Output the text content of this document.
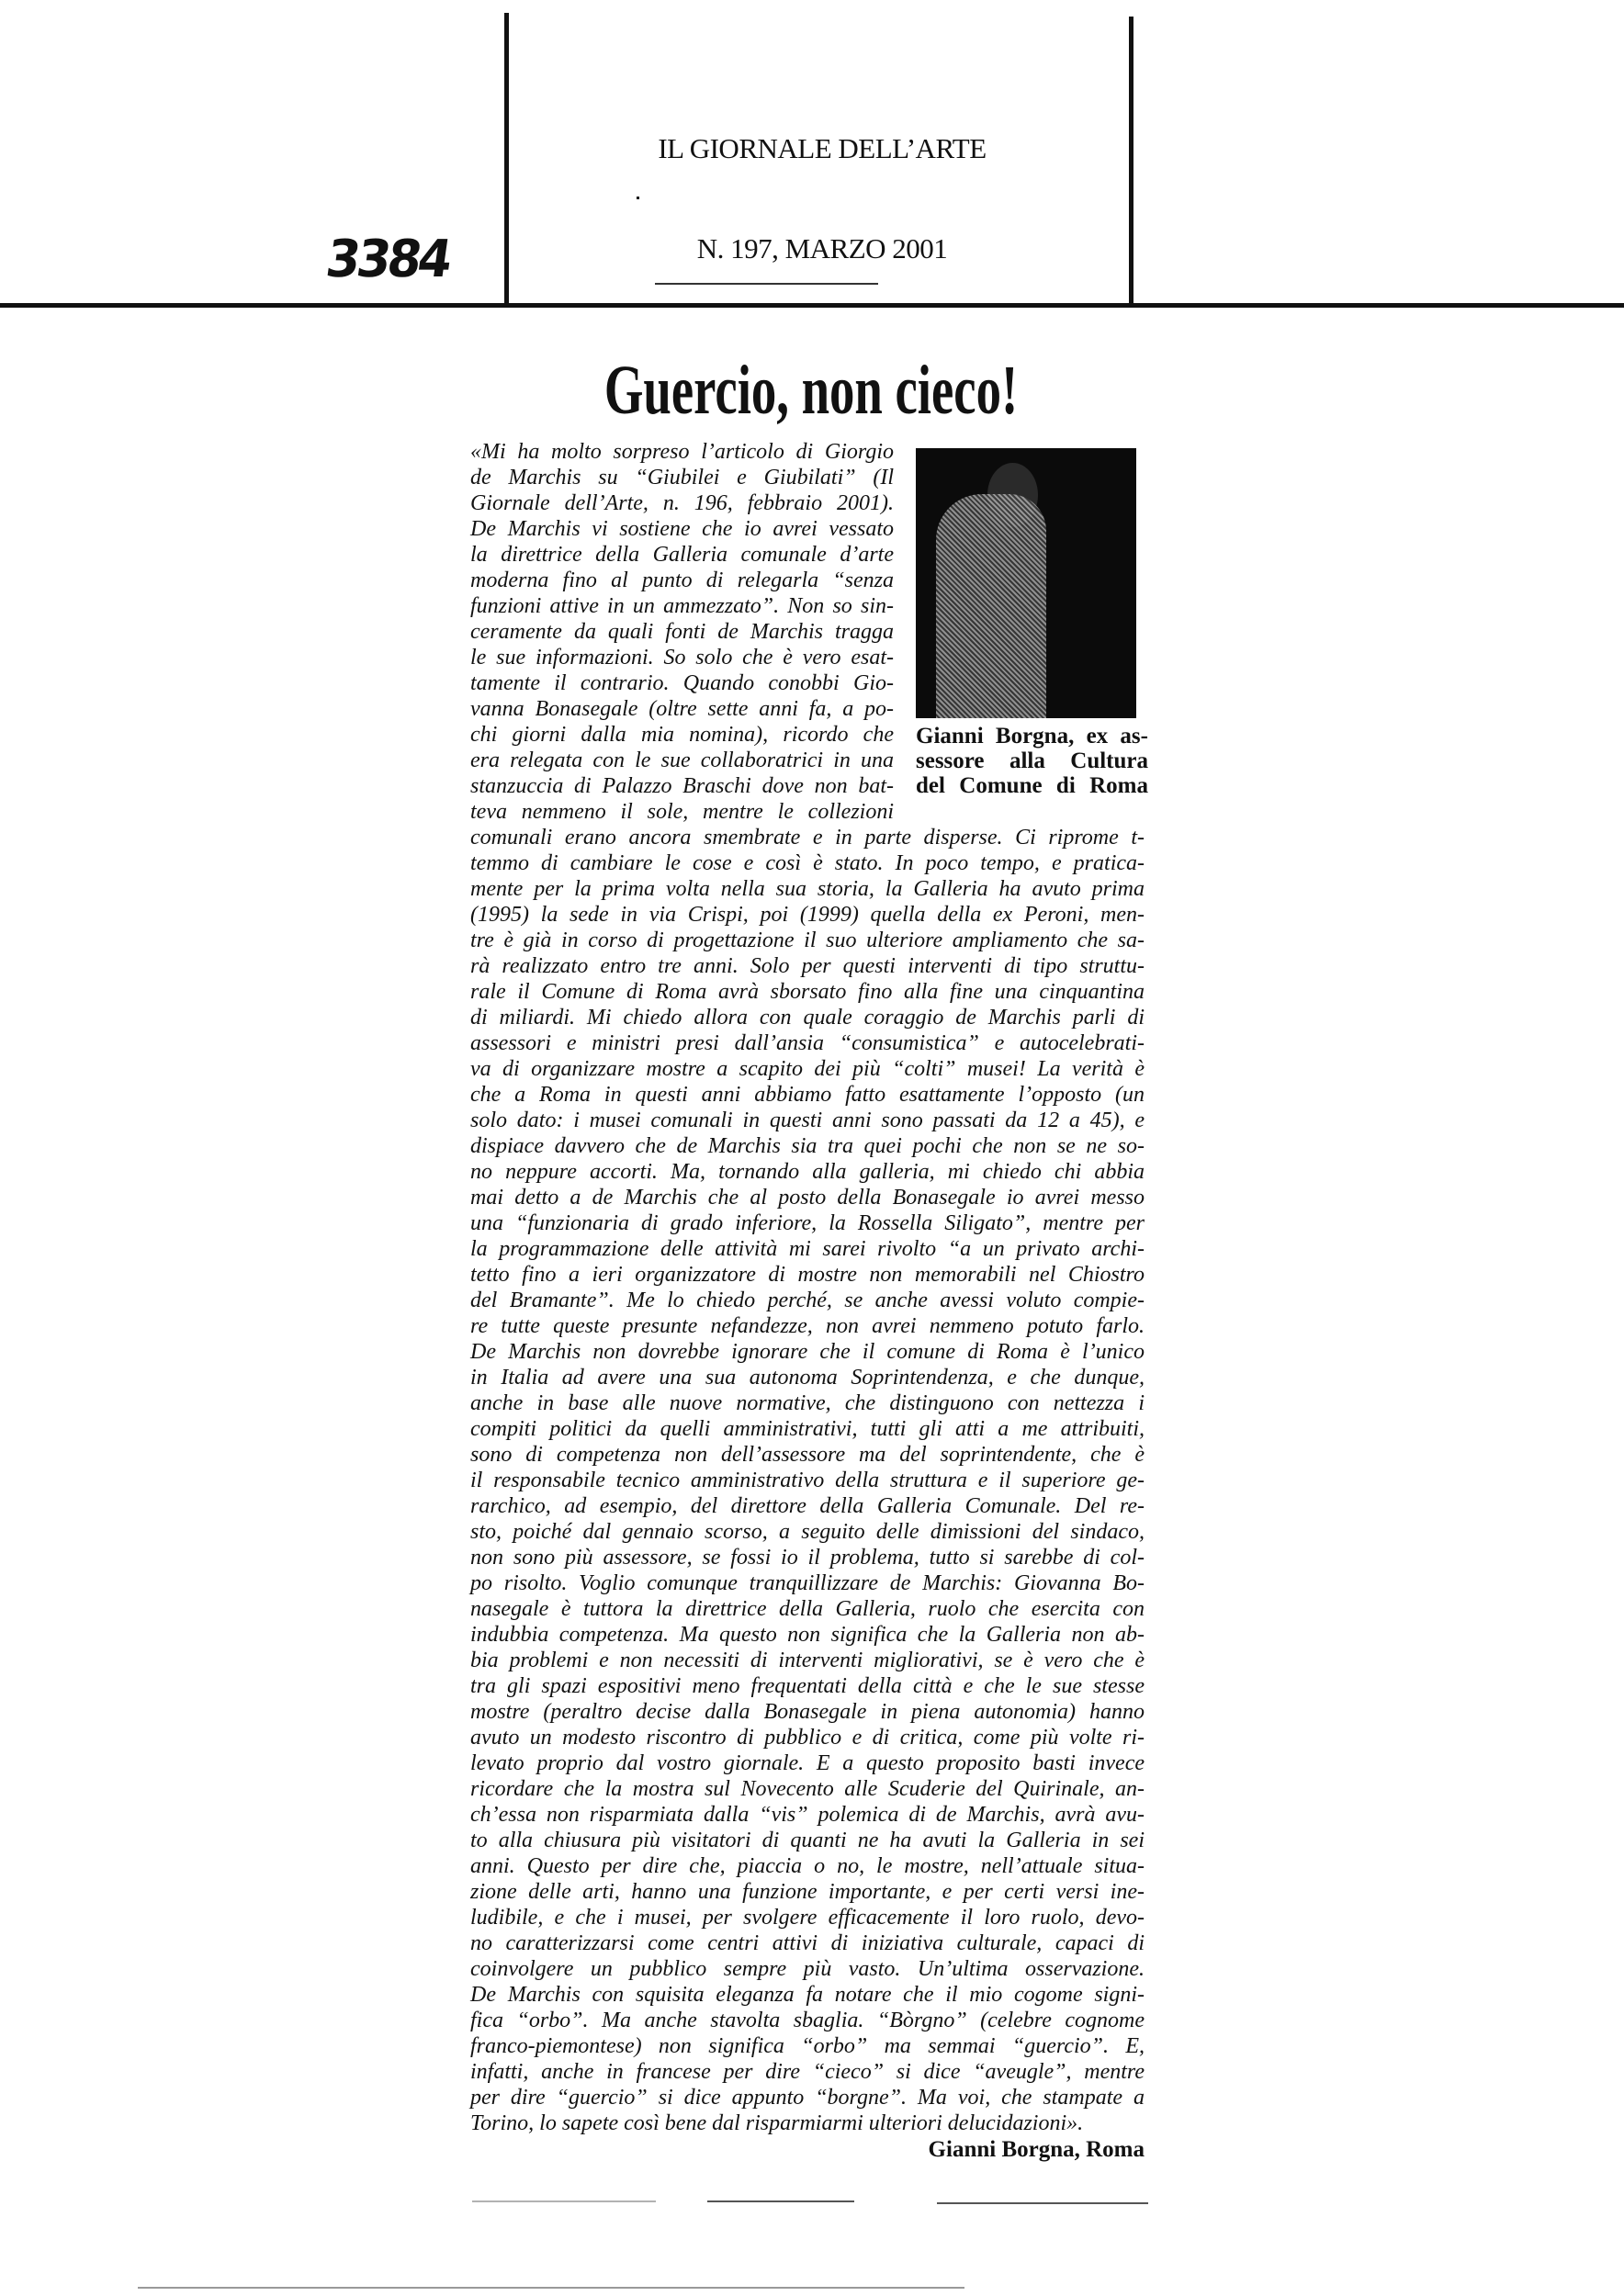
3384
IL GIORNALE DELL’ARTE
N. 197, MARZO 2001
Guercio, non cieco!
Gianni Borgna, ex as-
sessore alla Cultura
del Comune di Roma
«Mi ha molto sorpreso l’articolo di Giorgio
de Marchis su “Giubilei e Giubilati” (Il
Giornale dell’Arte, n. 196, febbraio 2001).
De Marchis vi sostiene che io avrei vessato
la direttrice della Galleria comunale d’arte
moderna fino al punto di relegarla “senza
funzioni attive in un ammezzato”. Non so sin-
ceramente da quali fonti de Marchis tragga
le sue informazioni. So solo che è vero esat-
tamente il contrario. Quando conobbi Gio-
vanna Bonasegale (oltre sette anni fa, a po-
chi giorni dalla mia nomina), ricordo che
era relegata con le sue collaboratrici in una
stanzuccia di Palazzo Braschi dove non bat-
teva nemmeno il sole, mentre le collezioni
comunali erano ancora smembrate e in parte disperse. Ci riprome t-
temmo di cambiare le cose e così è stato. In poco tempo, e pratica-
mente per la prima volta nella sua storia, la Galleria ha avuto prima
(1995) la sede in via Crispi, poi (1999) quella della ex Peroni, men-
tre è già in corso di progettazione il suo ulteriore ampliamento che sa-
rà realizzato entro tre anni. Solo per questi interventi di tipo struttu-
rale il Comune di Roma avrà sborsato fino alla fine una cinquantina
di miliardi. Mi chiedo allora con quale coraggio de Marchis parli di
assessori e ministri presi dall’ansia “consumistica” e autocelebrati-
va di organizzare mostre a scapito dei più “colti” musei! La verità è
che a Roma in questi anni abbiamo fatto esattamente l’opposto (un
solo dato: i musei comunali in questi anni sono passati da 12 a 45), e
dispiace davvero che de Marchis sia tra quei pochi che non se ne so-
no neppure accorti. Ma, tornando alla galleria, mi chiedo chi abbia
mai detto a de Marchis che al posto della Bonasegale io avrei messo
una “funzionaria di grado inferiore, la Rossella Siligato”, mentre per
la programmazione delle attività mi sarei rivolto “a un privato archi-
tetto fino a ieri organizzatore di mostre non memorabili nel Chiostro
del Bramante”. Me lo chiedo perché, se anche avessi voluto compie-
re tutte queste presunte nefandezze, non avrei nemmeno potuto farlo.
De Marchis non dovrebbe ignorare che il comune di Roma è l’unico
in Italia ad avere una sua autonoma Soprintendenza, e che dunque,
anche in base alle nuove normative, che distinguono con nettezza i
compiti politici da quelli amministrativi, tutti gli atti a me attribuiti,
sono di competenza non dell’assessore ma del soprintendente, che è
il responsabile tecnico amministrativo della struttura e il superiore ge-
rarchico, ad esempio, del direttore della Galleria Comunale. Del re-
sto, poiché dal gennaio scorso, a seguito delle dimissioni del sindaco,
non sono più assessore, se fossi io il problema, tutto si sarebbe di col-
po risolto. Voglio comunque tranquillizzare de Marchis: Giovanna Bo-
nasegale è tuttora la direttrice della Galleria, ruolo che esercita con
indubbia competenza. Ma questo non significa che la Galleria non ab-
bia problemi e non necessiti di interventi migliorativi, se è vero che è
tra gli spazi espositivi meno frequentati della città e che le sue stesse
mostre (peraltro decise dalla Bonasegale in piena autonomia) hanno
avuto un modesto riscontro di pubblico e di critica, come più volte ri-
levato proprio dal vostro giornale. E a questo proposito basti invece
ricordare che la mostra sul Novecento alle Scuderie del Quirinale, an-
ch’essa non risparmiata dalla “vis” polemica di de Marchis, avrà avu-
to alla chiusura più visitatori di quanti ne ha avuti la Galleria in sei
anni. Questo per dire che, piaccia o no, le mostre, nell’attuale situa-
zione delle arti, hanno una funzione importante, e per certi versi ine-
ludibile, e che i musei, per svolgere efficacemente il loro ruolo, devo-
no caratterizzarsi come centri attivi di iniziativa culturale, capaci di
coinvolgere un pubblico sempre più vasto. Un’ultima osservazione.
De Marchis con squisita eleganza fa notare che il mio cogome signi-
fica “orbo”. Ma anche stavolta sbaglia. “Bòrgno” (celebre cognome
franco-piemontese) non significa “orbo” ma semmai “guercio”. E,
infatti, anche in francese per dire “cieco” si dice “aveugle”, mentre
per dire “guercio” si dice appunto “borgne”. Ma voi, che stampate a
Torino, lo sapete così bene dal risparmiarmi ulteriori delucidazioni».
Gianni Borgna, Roma
